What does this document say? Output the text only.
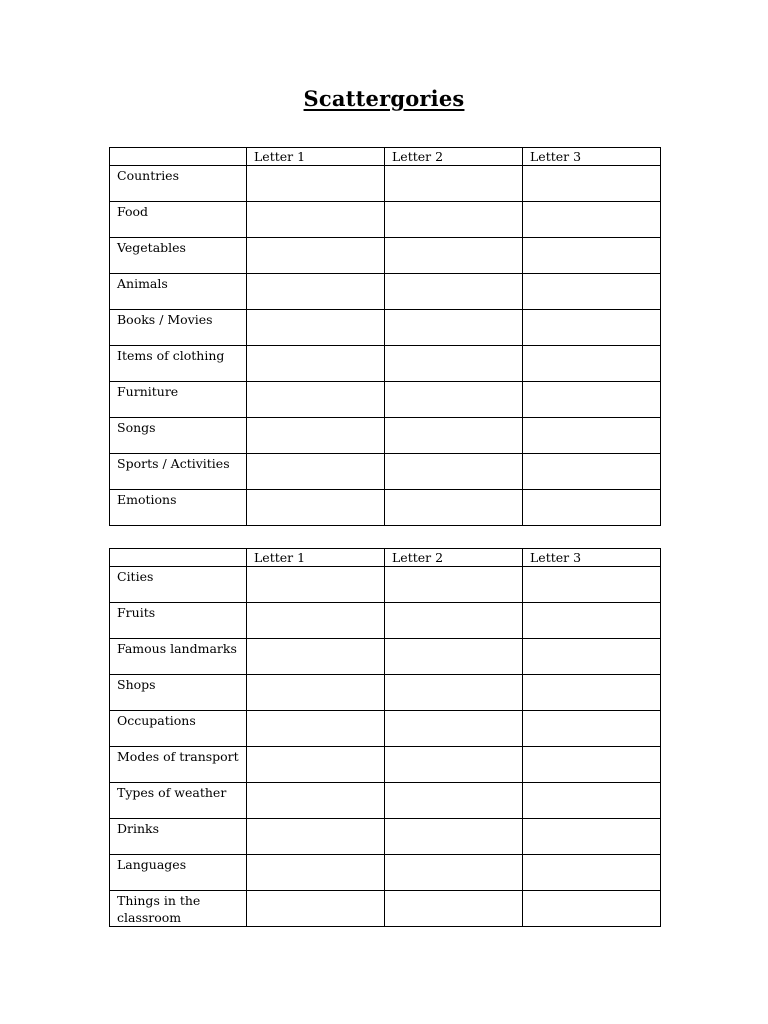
Scattergories
	Letter 1	Letter 2	Letter 3
Countries			
Food			
Vegetables			
Animals			
Books / Movies			
Items of clothing			
Furniture			
Songs			
Sports / Activities			
Emotions			
	Letter 1	Letter 2	Letter 3
Cities			
Fruits			
Famous landmarks			
Shops			
Occupations			
Modes of transport			
Types of weather			
Drinks			
Languages			
Things in the classroom			
